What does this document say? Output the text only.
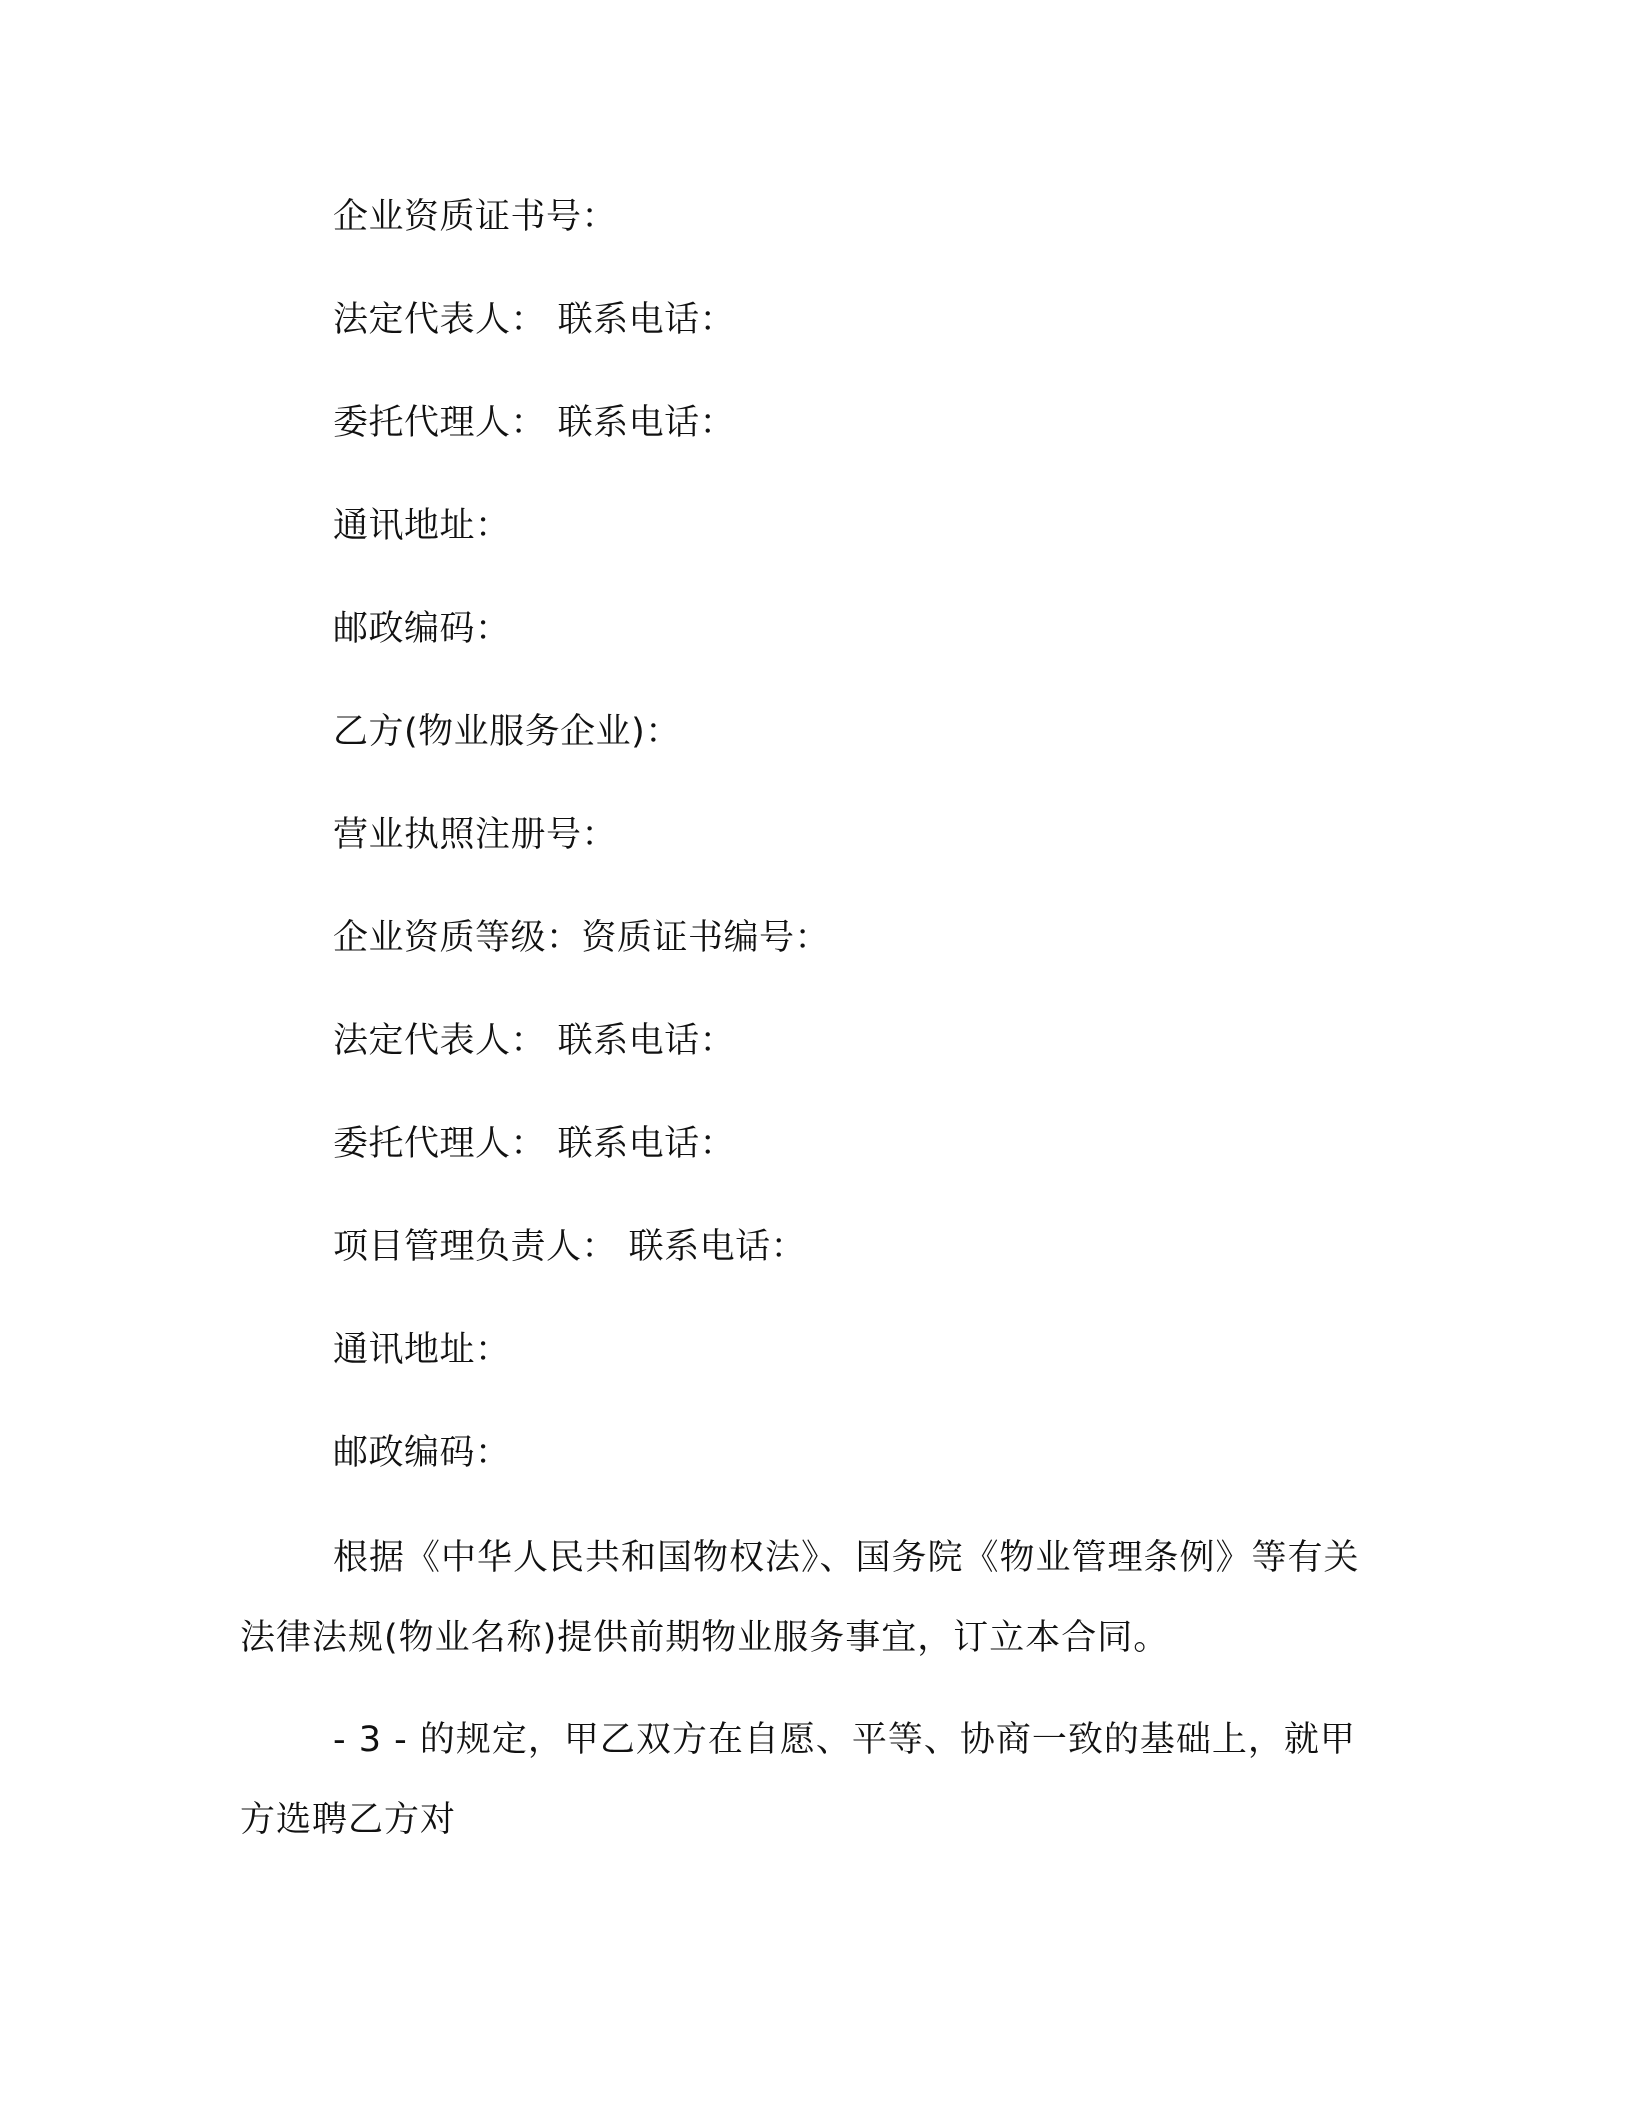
企业资质证书号：
法定代表人： 联系电话：
委托代理人： 联系电话：
通讯地址：
邮政编码：
乙方(物业服务企业)：
营业执照注册号：
企业资质等级：资质证书编号：
法定代表人： 联系电话：
委托代理人： 联系电话：
项目管理负责人： 联系电话：
通讯地址：
邮政编码：
根据《中华人民共和国物权法》、国务院《物业管理条例》等有关法律法规(物业名称)提供前期物业服务事宜，订立本合同。
- 3 - 的规定，甲乙双方在自愿、平等、协商一致的基础上，就甲方选聘乙方对
